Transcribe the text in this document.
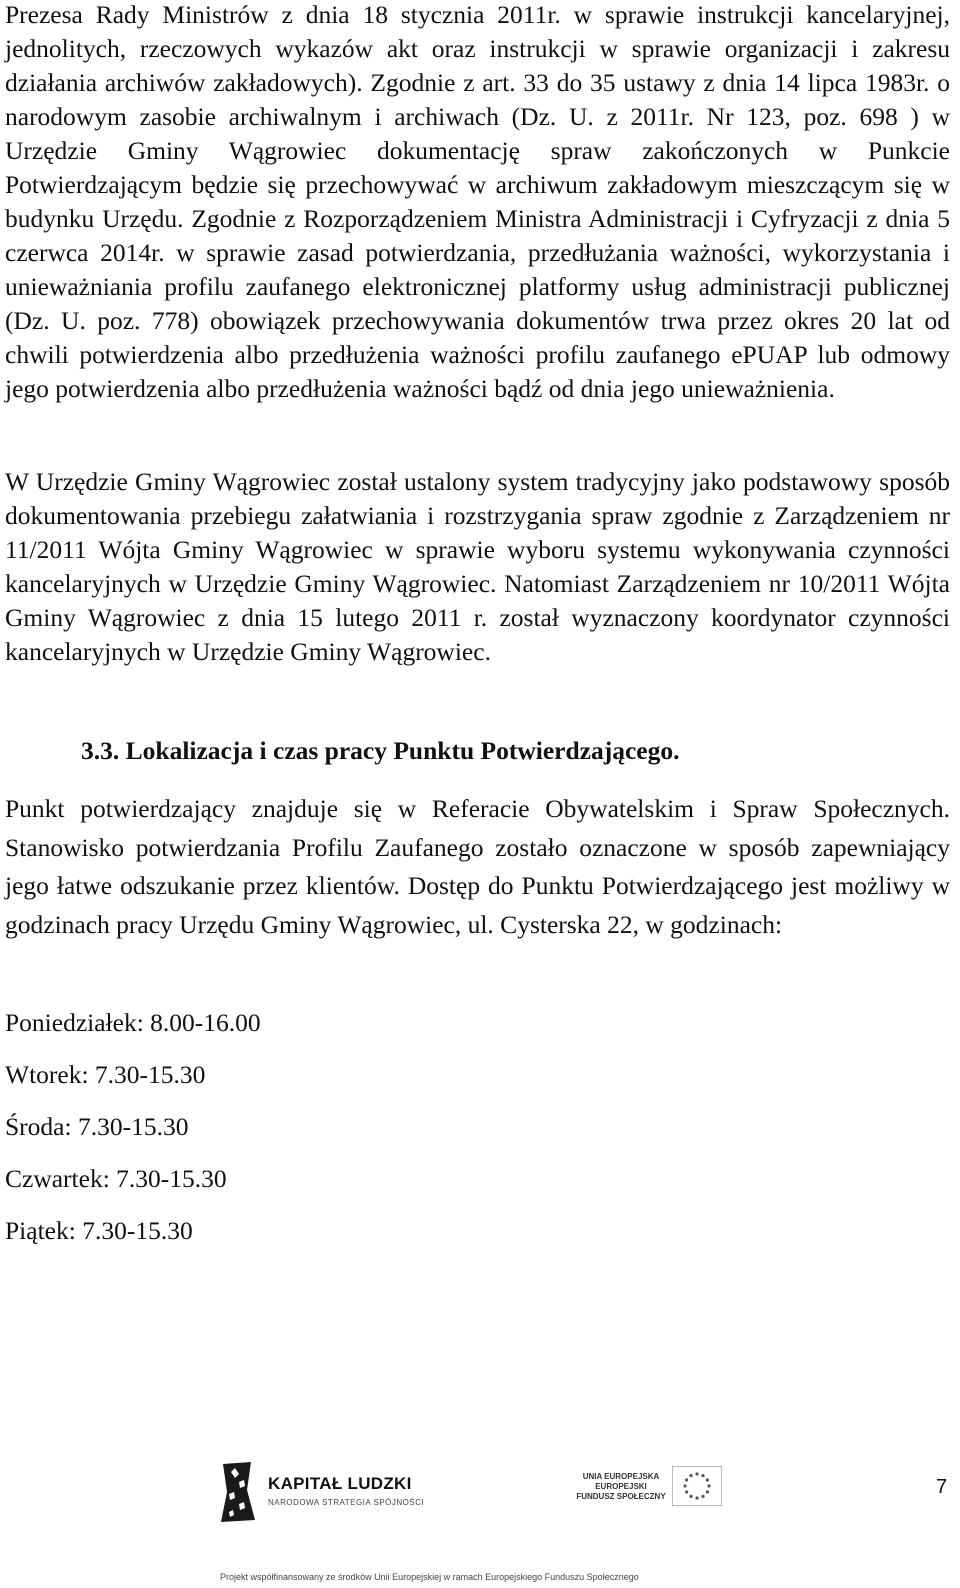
Prezesa Rady Ministrów z dnia 18 stycznia 2011r. w sprawie instrukcji kancelaryjnej, jednolitych, rzeczowych wykazów akt oraz instrukcji w sprawie organizacji i zakresu działania archiwów zakładowych). Zgodnie z art. 33 do 35 ustawy z dnia 14 lipca 1983r. o narodowym zasobie archiwalnym i archiwach (Dz. U. z 2011r. Nr 123, poz. 698 ) w Urzędzie Gminy Wągrowiec dokumentację spraw zakończonych w Punkcie Potwierdzającym będzie się przechowywać w archiwum zakładowym mieszczącym się w budynku Urzędu. Zgodnie z Rozporządzeniem Ministra Administracji i Cyfryzacji z dnia 5 czerwca 2014r. w sprawie zasad potwierdzania, przedłużania ważności, wykorzystania i unieważniania profilu zaufanego elektronicznej platformy usług administracji publicznej (Dz. U. poz. 778) obowiązek przechowywania dokumentów trwa przez okres 20 lat od chwili potwierdzenia albo przedłużenia ważności profilu zaufanego ePUAP lub odmowy jego potwierdzenia albo przedłużenia ważności bądź od dnia jego unieważnienia.

W Urzędzie Gminy Wągrowiec został ustalony system tradycyjny jako podstawowy sposób dokumentowania przebiegu załatwiania i rozstrzygania spraw zgodnie z Zarządzeniem nr 11/2011 Wójta Gminy Wągrowiec w sprawie wyboru systemu wykonywania czynności kancelaryjnych w Urzędzie Gminy Wągrowiec. Natomiast Zarządzeniem nr 10/2011 Wójta Gminy Wągrowiec z dnia 15 lutego 2011 r. został wyznaczony koordynator czynności kancelaryjnych w Urzędzie Gminy Wągrowiec.

3.3. Lokalizacja i czas pracy Punktu Potwierdzającego.

Punkt potwierdzający znajduje się w Referacie Obywatelskim i Spraw Społecznych. Stanowisko potwierdzania Profilu Zaufanego zostało oznaczone w sposób zapewniający jego łatwe odszukanie przez klientów. Dostęp do Punktu Potwierdzającego jest możliwy w godzinach pracy Urzędu Gminy Wągrowiec, ul. Cysterska 22, w godzinach:

Poniedziałek: 8.00-16.00

Wtorek: 7.30-15.30

Środa: 7.30-15.30

Czwartek: 7.30-15.30

Piątek: 7.30-15.30

KAPITAŁ LUDZKI
NARODOWA STRATEGIA SPÓJNOŚCI
UNIA EUROPEJSKA EUROPEJSKI FUNDUSZ SPOŁECZNY	7
Projekt współfinansowany ze środków Unii Europejskiej w ramach Europejskiego Funduszu Społecznego
